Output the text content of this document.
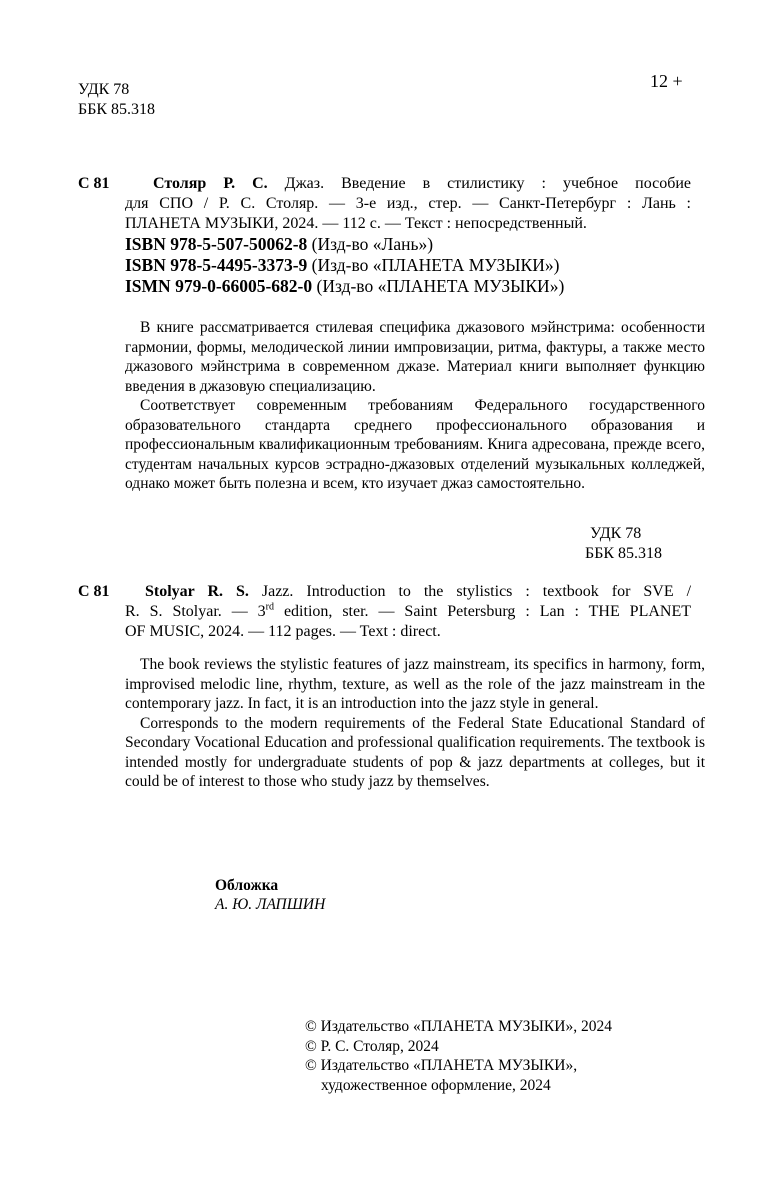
УДК 78
ББК 85.318
12 +
С 81	Столяр Р. С. Джаз. Введение в стилистику : учебное пособие

для СПО / Р. С. Столяр. — 3-е изд., стер. — Санкт-Петербург : Лань :

ПЛАНЕТА МУЗЫКИ, 2024. — 112 с. — Текст : непосредственный.

ISBN 978-5-507-50062-8 (Изд-во «Лань»)
ISBN 978-5-4495-3373-9 (Изд-во «ПЛАНЕТА МУЗЫКИ»)
ISMN 979-0-66005-682-0 (Изд-во «ПЛАНЕТА МУЗЫКИ»)

В книге рассматривается стилевая специфика джазового мэйнстрима: особенности гармонии, формы, мелодической линии импровизации, ритма, фактуры, а также место джазового мэйнстрима в современном джазе. Материал книги выполняет функцию введения в джазовую специализацию.

Соответствует современным требованиям Федерального государственного образовательного стандарта среднего профессионального образования и профессиональным квалификационным требованиям. Книга адресована, прежде всего, студентам начальных курсов эстрадно-джазовых отделений музыкальных колледжей, однако может быть полезна и всем, кто изучает джаз самостоятельно.

УДК 78
ББК 85.318
С 81	Stolyar R. S. Jazz. Introduction to the stylistics : textbook for SVE /

R. S. Stolyar. — 3rd edition, ster. — Saint Petersburg : Lan : THE PLANET

OF MUSIC, 2024. — 112 pages. — Text : direct.

The book reviews the stylistic features of jazz mainstream, its specifics in harmony, form, improvised melodic line, rhythm, texture, as well as the role of the jazz mainstream in the contemporary jazz. In fact, it is an introduction into the jazz style in general.

Corresponds to the modern requirements of the Federal State Educational Standard of Secondary Vocational Education and professional qualification requirements. The textbook is intended mostly for undergraduate students of pop & jazz departments at colleges, but it could be of interest to those who study jazz by themselves.

Обложка
А. Ю. ЛАПШИН

© Издательство «ПЛАНЕТА МУЗЫКИ», 2024

© Р. С. Столяр, 2024

© Издательство «ПЛАНЕТА МУЗЫКИ»,

художественное оформление, 2024
